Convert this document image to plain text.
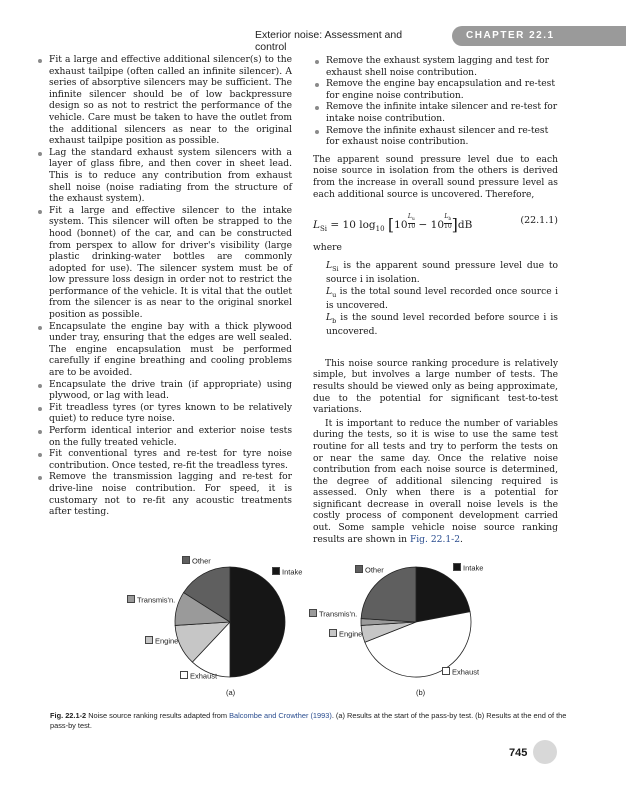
Exterior noise: Assessment and control
CHAPTER 22.1
Fit a large and effective additional silencer(s) to the exhaust tailpipe (often called an infinite silencer). A series of absorptive silencers may be sufficient. The infinite silencer should be of low backpressure design so as not to restrict the performance of the vehicle. Care must be taken to have the outlet from the additional silencers as near to the original exhaust tailpipe position as possible.
Lag the standard exhaust system silencers with a layer of glass fibre, and then cover in sheet lead. This is to reduce any contribution from exhaust shell noise (noise radiating from the structure of the exhaust system).
Fit a large and effective silencer to the intake system. This silencer will often be strapped to the hood (bonnet) of the car, and can be constructed from perspex to allow for driver's visibility (large plastic drinking-water bottles are commonly adopted for use). The silencer system must be of low pressure loss design in order not to restrict the performance of the vehicle. It is vital that the outlet from the silencer is as near to the original snorkel position as possible.
Encapsulate the engine bay with a thick plywood under tray, ensuring that the edges are well sealed. The engine encapsulation must be performed carefully if engine breathing and cooling problems are to be avoided.
Encapsulate the drive train (if appropriate) using plywood, or lag with lead.
Fit treadless tyres (or tyres known to be relatively quiet) to reduce tyre noise.
Perform identical interior and exterior noise tests on the fully treated vehicle.
Fit conventional tyres and re-test for tyre noise contribution. Once tested, re-fit the treadless tyres.
Remove the transmission lagging and re-test for drive-line noise contribution. For speed, it is customary not to re-fit any acoustic treatments after testing.
Remove the exhaust system lagging and test for exhaust shell noise contribution.
Remove the engine bay encapsulation and re-test for engine noise contribution.
Remove the infinite intake silencer and re-test for intake noise contribution.
Remove the infinite exhaust silencer and re-test for exhaust noise contribution.

The apparent sound pressure level due to each noise source in isolation from the others is derived from the increase in overall sound pressure level as each additional source is uncovered. Therefore,

$L_{Si} = 10$ $\log_{10} [10$ $^{\frac{L_u}{10}}$ − 10 $^{\frac{L_b}{10}}$ ]dB	(22.1.1)

where

$L_{Si}$ is the apparent sound pressure level due to source i in isolation.

$L_u$ is the total sound level recorded once source i is uncovered.

$L_b$ is the sound level recorded before source i is uncovered.

This noise source ranking procedure is relatively simple, but involves a large number of tests. The results should be viewed only as being approximate, due to the potential for significant test-to-test variations.

It is important to reduce the number of variables during the tests, so it is wise to use the same test routine for all tests and try to perform the tests on or near the same day. Once the relative noise contribution from each noise source is determined, the degree of additional silencing required is assessed. Only when there is a potential for significant decrease in overall noise levels is the costly process of component development carried out. Some sample vehicle noise source ranking results are shown in Fig. 22.1-2.

Other
Intake
Transmis'n.
Engine
Exhaust
(a)
Other	Intake
Transmis'n.
Engine
Exhaust
(b)
Fig. 22.1-2 Noise source ranking results adapted from Balcombe and Crowther (1993). (a) Results at the start of the pass-by test. (b) Results at the end of the pass-by test.
745
